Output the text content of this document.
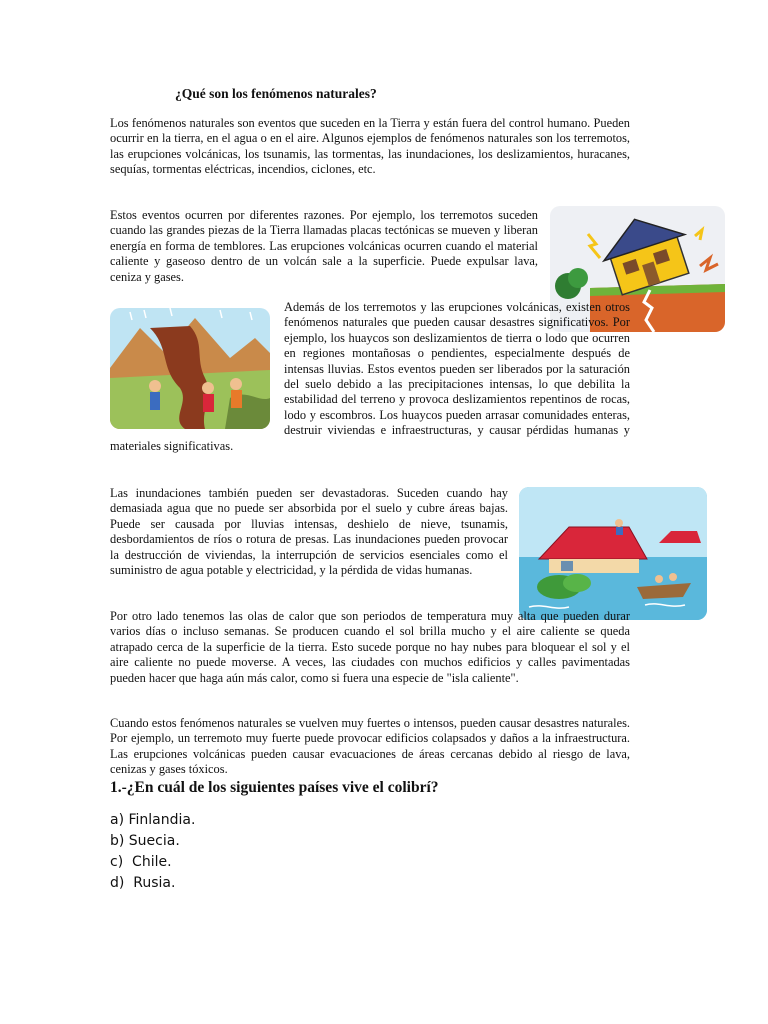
¿Qué son los fenómenos naturales?

Los fenómenos naturales son eventos que suceden en la Tierra y están fuera del control humano. Pueden ocurrir en la tierra, en el agua o en el aire. Algunos ejemplos de fenómenos naturales son los terremotos, las erupciones volcánicas, los tsunamis, las tormentas, las inundaciones, los deslizamientos, huracanes, sequías, tormentas eléctricas, incendios, ciclones, etc.

Estos eventos ocurren por diferentes razones. Por ejemplo, los terremotos suceden cuando las grandes piezas de la Tierra llamadas placas tectónicas se mueven y liberan energía en forma de temblores. Las erupciones volcánicas ocurren cuando el material caliente y gaseoso dentro de un volcán sale a la superficie. Puede expulsar lava, ceniza y gases.

Además de los terremotos y las erupciones volcánicas, existen otros fenómenos naturales que pueden causar desastres significativos. Por ejemplo, los huaycos son deslizamientos de tierra o lodo que ocurren en regiones montañosas o pendientes, especialmente después de intensas lluvias. Estos eventos pueden ser liberados por la saturación del suelo debido a las precipitaciones intensas, lo que debilita la estabilidad del terreno y provoca deslizamientos repentinos de rocas, lodo y escombros. Los huaycos pueden arrasar comunidades enteras, destruir viviendas e infraestructuras, y causar pérdidas humanas y materiales significativas.

Las inundaciones también pueden ser devastadoras. Suceden cuando hay demasiada agua que no puede ser absorbida por el suelo y cubre áreas bajas. Puede ser causada por lluvias intensas, deshielo de nieve, tsunamis, desbordamientos de ríos o rotura de presas. Las inundaciones pueden provocar la destrucción de viviendas, la interrupción de servicios esenciales como el suministro de agua potable y electricidad, y la pérdida de vidas humanas.

Por otro lado tenemos las olas de calor que son periodos de temperatura muy alta que pueden durar varios días o incluso semanas. Se producen cuando el sol brilla mucho y el aire caliente se queda atrapado cerca de la superficie de la tierra. Esto sucede porque no hay nubes para bloquear el sol y el aire caliente no puede moverse. A veces, las ciudades con muchos edificios y calles pavimentadas pueden hacer que haga aún más calor, como si fuera una especie de "isla caliente".

Cuando estos fenómenos naturales se vuelven muy fuertes o intensos, pueden causar desastres naturales. Por ejemplo, un terremoto muy fuerte puede provocar edificios colapsados y daños a la infraestructura. Las erupciones volcánicas pueden causar evacuaciones de áreas cercanas debido al riesgo de lava, cenizas y gases tóxicos.

1.-¿En cuál de los siguientes países vive el colibrí?
a) Finlandia.
b) Suecia.
c)  Chile.
d)  Rusia.
